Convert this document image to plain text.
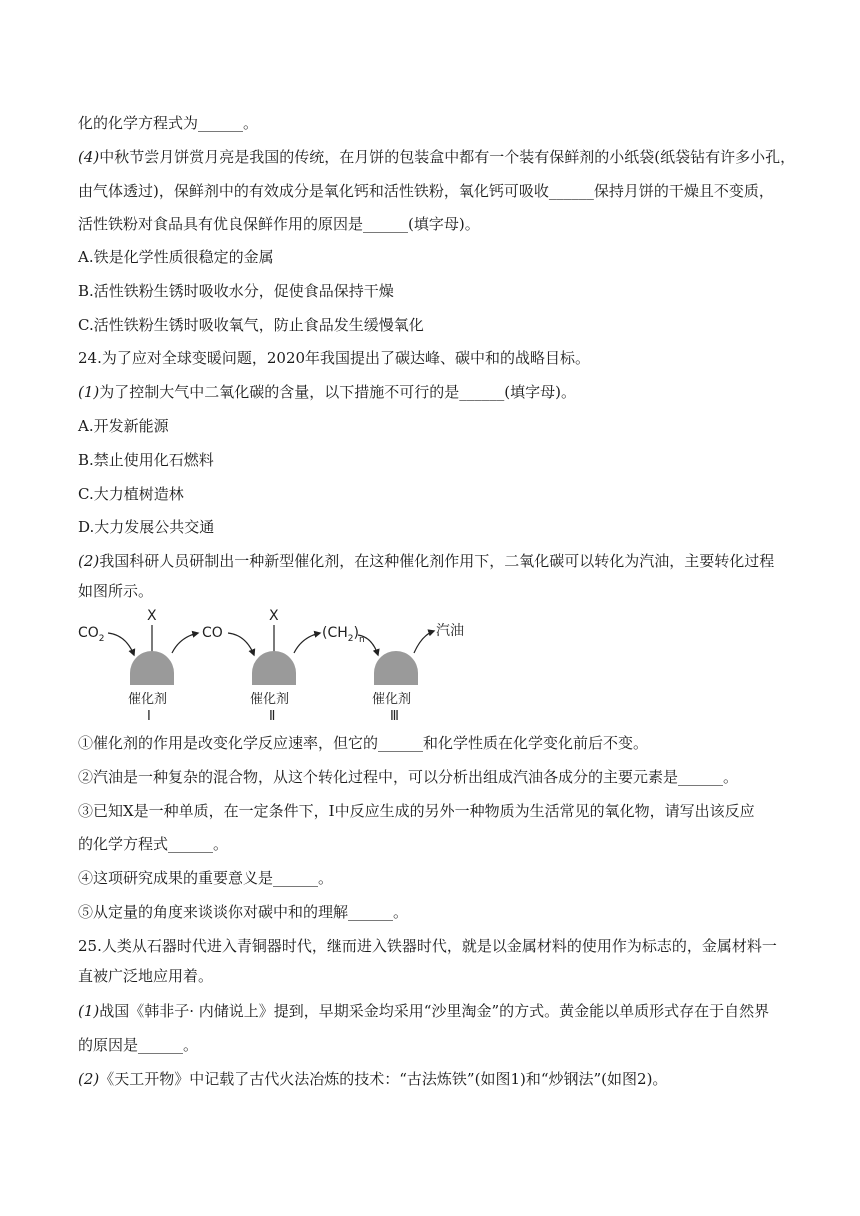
化的化学方程式为______。
(4)中秋节尝月饼赏月亮是我国的传统，在月饼的包装盒中都有一个装有保鲜剂的小纸袋(纸袋钻有许多小孔，
由气体透过)，保鲜剂中的有效成分是氧化钙和活性铁粉，氧化钙可吸收______保持月饼的干燥且不变质，
活性铁粉对食品具有优良保鲜作用的原因是______(填字母)。
A.铁是化学性质很稳定的金属
B.活性铁粉生锈时吸收水分，促使食品保持干燥
C.活性铁粉生锈时吸收氧气，防止食品发生缓慢氧化
24.为了应对全球变暖问题，2020年我国提出了碳达峰、碳中和的战略目标。
(1)为了控制大气中二氧化碳的含量，以下措施不可行的是______(填字母)。
A.开发新能源
B.禁止使用化石燃料
C.大力植树造林
D.大力发展公共交通
(2)我国科研人员研制出一种新型催化剂，在这种催化剂作用下，二氧化碳可以转化为汽油，主要转化过程
如图所示。
$CO_2$
X
催化剂
Ⅰ
CO
X
催化剂
Ⅱ
$(CH_2)_n$
汽油
催化剂
Ⅲ
①催化剂的作用是改变化学反应速率，但它的______和化学性质在化学变化前后不变。
②汽油是一种复杂的混合物，从这个转化过程中，可以分析出组成汽油各成分的主要元素是______。
③已知X是一种单质，在一定条件下，Ⅰ中反应生成的另外一种物质为生活常见的氧化物，请写出该反应
的化学方程式______。
④这项研究成果的重要意义是______。
⑤从定量的角度来谈谈你对碳中和的理解______。
25.人类从石器时代进入青铜器时代，继而进入铁器时代，就是以金属材料的使用作为标志的，金属材料一
直被广泛地应用着。
(1)战国《韩非子· 内储说上》提到，早期采金均采用“沙里淘金”的方式。黄金能以单质形式存在于自然界
的原因是______。
(2)《天工开物》中记载了古代火法冶炼的技术：“古法炼铁”(如图1)和“炒钢法”(如图2)。
